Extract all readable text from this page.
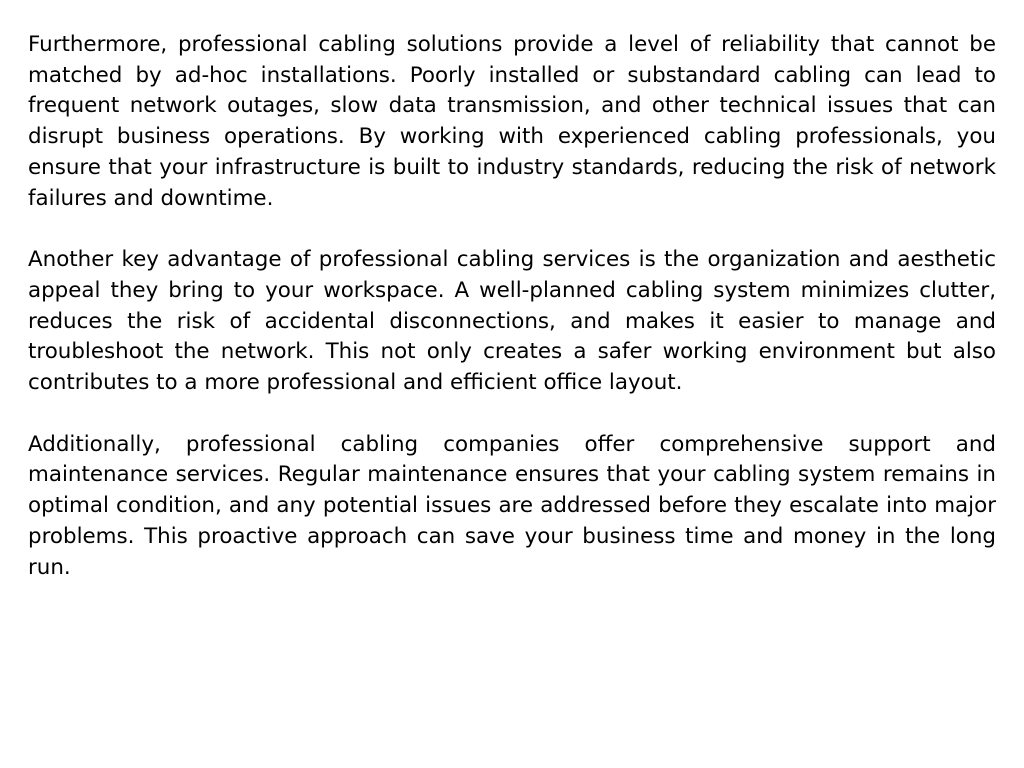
Furthermore, professional cabling solutions provide a level of reliability that cannot be matched by ad-hoc installations. Poorly installed or substandard cabling can lead to frequent network outages, slow data transmission, and other technical issues that can disrupt business operations. By working with experienced cabling professionals, you ensure that your infrastructure is built to industry standards, reducing the risk of network failures and downtime.

Another key advantage of professional cabling services is the organization and aesthetic appeal they bring to your workspace. A well-planned cabling system minimizes clutter, reduces the risk of accidental disconnections, and makes it easier to manage and troubleshoot the network. This not only creates a safer working environment but also contributes to a more professional and efficient office layout.

Additionally, professional cabling companies offer comprehensive support and maintenance services. Regular maintenance ensures that your cabling system remains in optimal condition, and any potential issues are addressed before they escalate into major problems. This proactive approach can save your business time and money in the long run.
